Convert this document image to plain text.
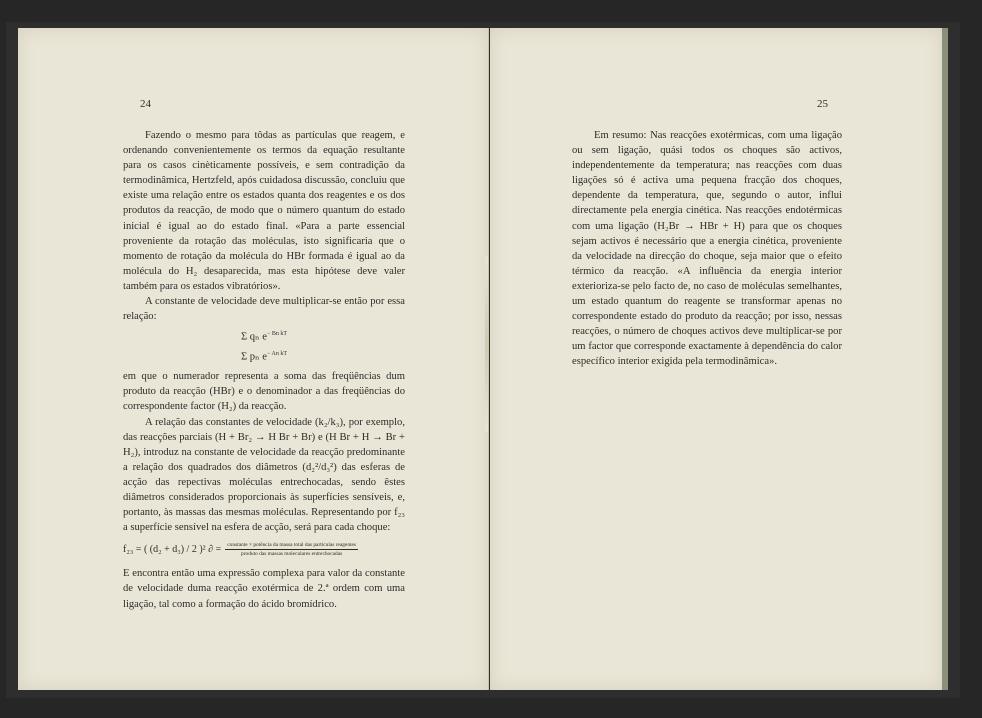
24

Fazendo o mesmo para tôdas as partículas que reagem, e ordenando convenientemente os termos da equação resultante para os casos cinèticamente possíveis, e sem contradição da termodinâmica, Hertzfeld, após cuidadosa discussão, concluiu que existe uma relação entre os estados quanta dos reagentes e os dos produtos da reacção, de modo que o número quantum do estado inicial é igual ao do estado final. «Para a parte essencial proveniente da rotação das moléculas, isto significaria que o momento de rotação da molécula do HBr formada é igual ao da molécula do H₂ desaparecida, mas esta hipótese deve valer também para os estados vibratórios».

A constante de velocidade deve multiplicar-se então por essa relação:

Σ qₙ $e^{- Bn kT}$
Σ pₙ $e^{- An kT}$

em que o numerador representa a soma das freqüências dum produto da reacção (HBr) e o denominador a das freqüências do correspondente factor (H₂) da reacção.

A relação das constantes de velocidade (k₂/k₃), por exemplo, das reacções parciais (H + Br₂ → H Br + Br) e (H Br + H → Br + H₂), introduz na constante de velocidade da reacção predominante a relação dos quadrados dos diâmetros (d₂²/d₃²) das esferas de acção das repectivas moléculas entrechocadas, sendo êstes diâmetros considerados proporcionais às superfícies sensíveis, e, portanto, às massas das mesmas moléculas. Representando por f₂₃ a superfície sensível na esfera de acção, será para cada choque:

f₂₃ = ( (d₂ + d₃) / 2 )² ∂ = $\frac{\text{constante × potência da massa total das partículas reagentes}}{\text{produto das massas moleculares entrechocadas}}$

E encontra então uma expressão complexa para valor da constante de velocidade duma reacção exotérmica de 2.ª ordem com uma ligação, tal como a formação do ácido bromídrico.

25

Em resumo: Nas reacções exotérmicas, com uma ligação ou sem ligação, quási todos os choques são activos, independentemente da temperatura; nas reacções com duas ligações só é activa uma pequena fracção dos choques, dependente da temperatura, que, segundo o autor, influi directamente pela energia cinética. Nas reacções endotérmicas com uma ligação (H₂Br → HBr + H) para que os choques sejam activos é necessário que a energia cinética, proveniente da velocidade na direcção do choque, seja maior que o efeito térmico da reacção. «A influência da energia interior exterioriza-se pelo facto de, no caso de moléculas semelhantes, um estado quantum do reagente se transformar apenas no correspondente estado do produto da reacção; por isso, nessas reacções, o número de choques activos deve multiplicar-se por um factor que corresponde exactamente à dependência do calor específico interior exigida pela termodinâmica».
